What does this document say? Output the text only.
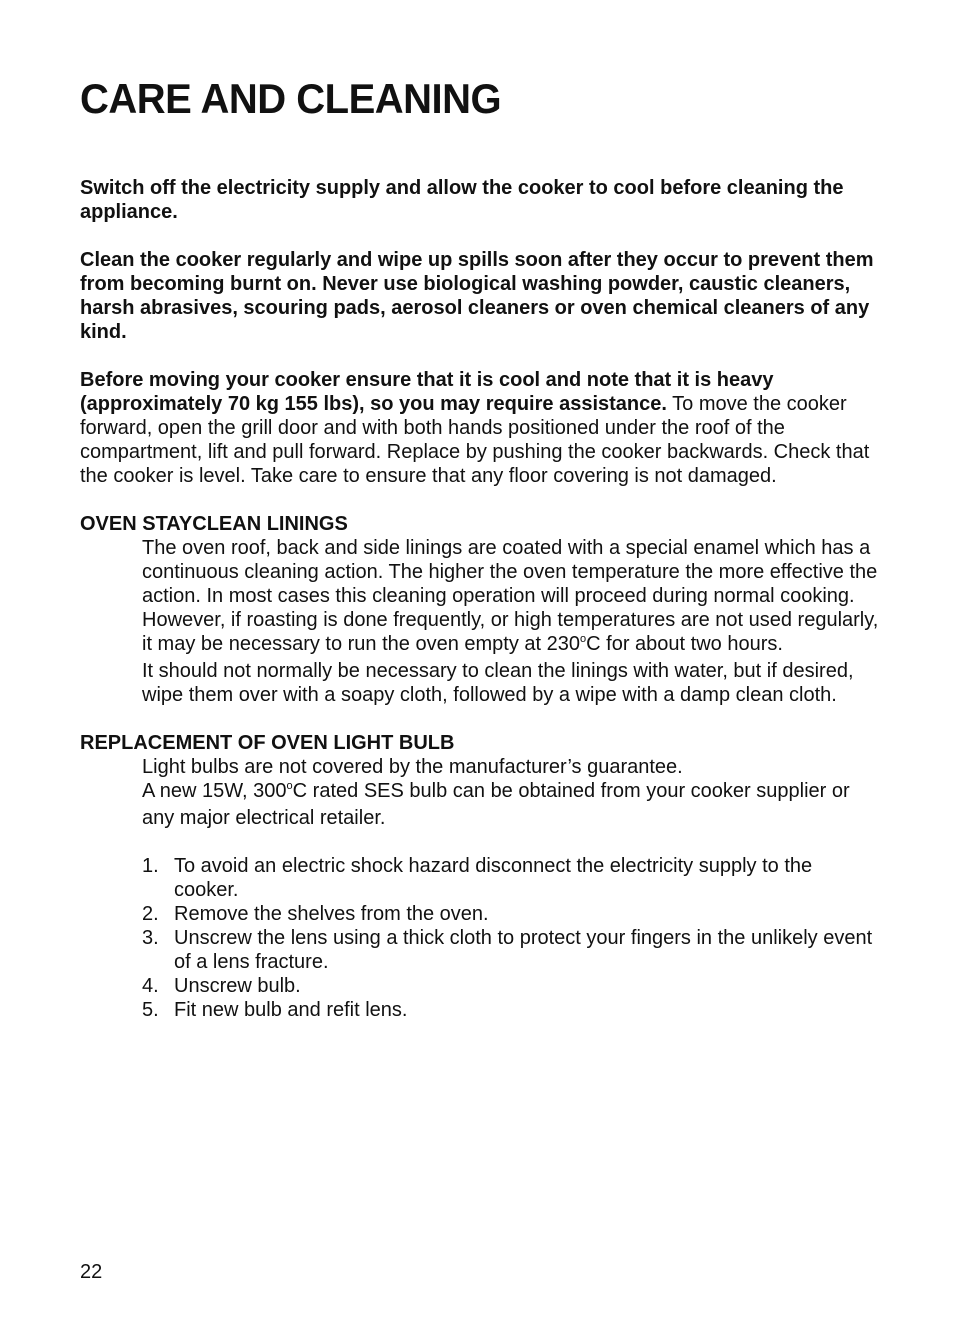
CARE AND CLEANING

Switch off the electricity supply and allow the cooker to cool before cleaning the appliance.

Clean the cooker regularly and wipe up spills soon after they occur to prevent them from becoming burnt on. Never use biological washing powder, caustic cleaners, harsh abrasives, scouring pads, aerosol cleaners or oven chemical cleaners of any kind.

Before moving your cooker ensure that it is cool and note that it is heavy (approximately 70 kg 155 lbs), so you may require assistance. To move the cooker forward, open the grill door and with both hands positioned under the roof of the compartment, lift and pull forward. Replace by pushing the cooker backwards. Check that the cooker is level. Take care to ensure that any floor covering is not damaged.

OVEN STAYCLEAN LININGS

The oven roof, back and side linings are coated with a special enamel which has a continuous cleaning action. The higher the oven temperature the more effective the action. In most cases this cleaning operation will proceed during normal cooking. However, if roasting is done frequently, or high temperatures are not used regularly, it may be necessary to run the oven empty at 230$^o$C for about two hours.

It should not normally be necessary to clean the linings with water, but if desired, wipe them over with a soapy cloth, followed by a wipe with a damp clean cloth.

REPLACEMENT OF OVEN LIGHT BULB

Light bulbs are not covered by the manufacturer’s guarantee.

A new 15W, 300$^o$C rated SES bulb can be obtained from your cooker supplier or any major electrical retailer.

1. To avoid an electric shock hazard disconnect the electricity supply to the cooker.
2. Remove the shelves from the oven.
3. Unscrew the lens using a thick cloth to protect your fingers in the unlikely event of a lens fracture.
4. Unscrew bulb.
5. Fit new bulb and refit lens.
22
